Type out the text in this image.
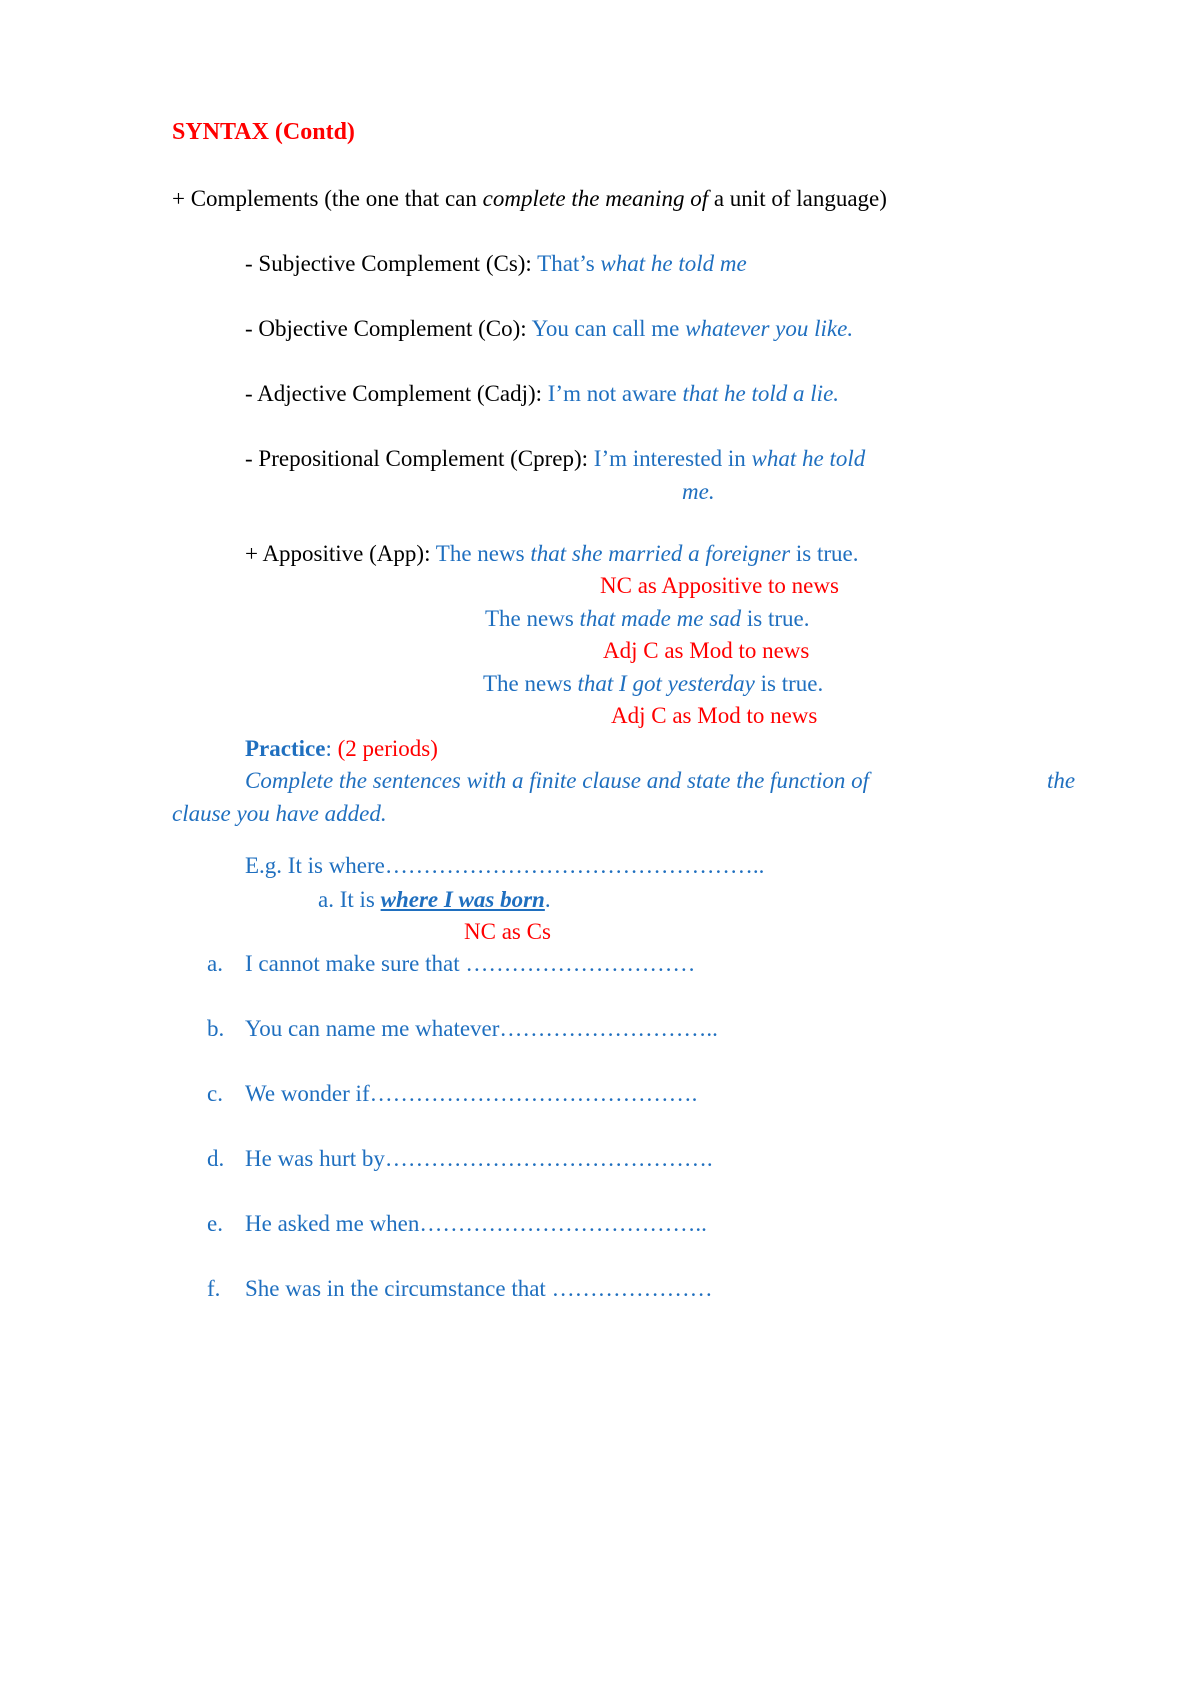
SYNTAX (Contd)
+ Complements (the one that can complete the meaning of a unit of language)
- Subjective Complement (Cs): That’s what he told me
- Objective Complement (Co): You can call me whatever you like.
- Adjective Complement (Cadj): I’m not aware that he told a lie.
- Prepositional Complement (Cprep): I’m interested in what he told
me.
+ Appositive (App): The news that she married a foreigner is true.
NC as Appositive to news
The news that made me sad is true.
Adj C as Mod to news
The news that I got yesterday is true.
Adj C as Mod to news
Practice: (2 periods)
Complete the sentences with a finite clause and state the function of	the
clause you have added.
E.g. It is where…………………………………………..
a. It is where I was born.
NC as Cs
a. I cannot make sure that …………………………
b. You can name me whatever………………………..
c. We wonder if…………………………………….
d. He was hurt by…………………………………….
e. He asked me when………………………………..
f. She was in the circumstance that …………………
